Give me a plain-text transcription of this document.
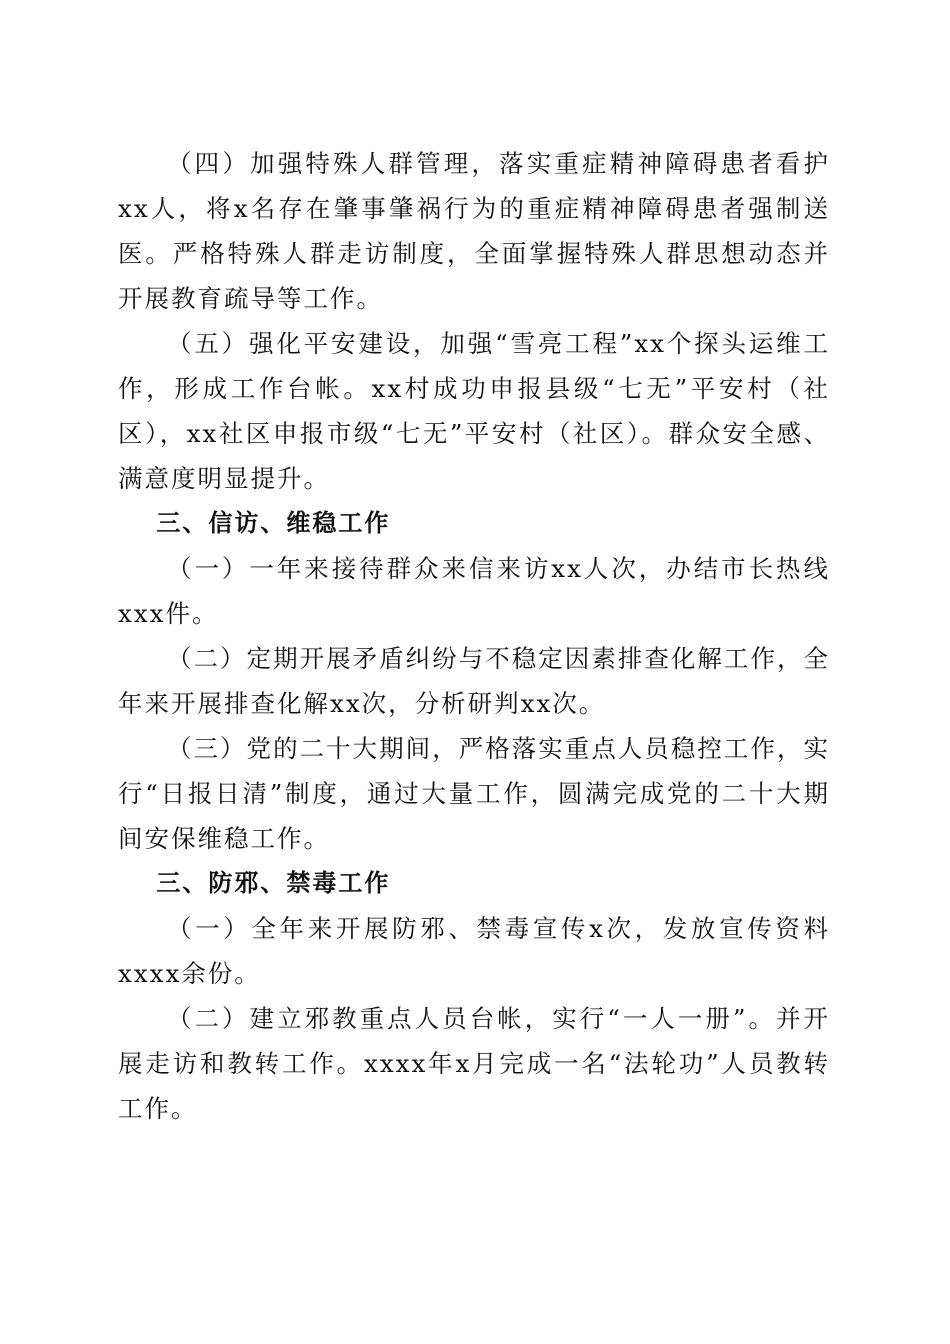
（四）加强特殊人群管理，落实重症精神障碍患者看护xx人，将x名存在肇事肇祸行为的重症精神障碍患者强制送医。严格特殊人群走访制度，全面掌握特殊人群思想动态并开展教育疏导等工作。

（五）强化平安建设，加强“雪亮工程”xx个探头运维工作，形成工作台帐。xx村成功申报县级“七无”平安村（社区），xx社区申报市级“七无”平安村（社区）。群众安全感、满意度明显提升。

三、信访、维稳工作

（一）一年来接待群众来信来访xx人次，办结市长热线xxx件。

（二）定期开展矛盾纠纷与不稳定因素排查化解工作，全年来开展排查化解xx次，分析研判xx次。

（三）党的二十大期间，严格落实重点人员稳控工作，实行“日报日清”制度，通过大量工作，圆满完成党的二十大期间安保维稳工作。

三、防邪、禁毒工作

（一）全年来开展防邪、禁毒宣传x次，发放宣传资料xxxx余份。

（二）建立邪教重点人员台帐，实行“一人一册”。并开展走访和教转工作。xxxx年x月完成一名“法轮功”人员教转工作。
